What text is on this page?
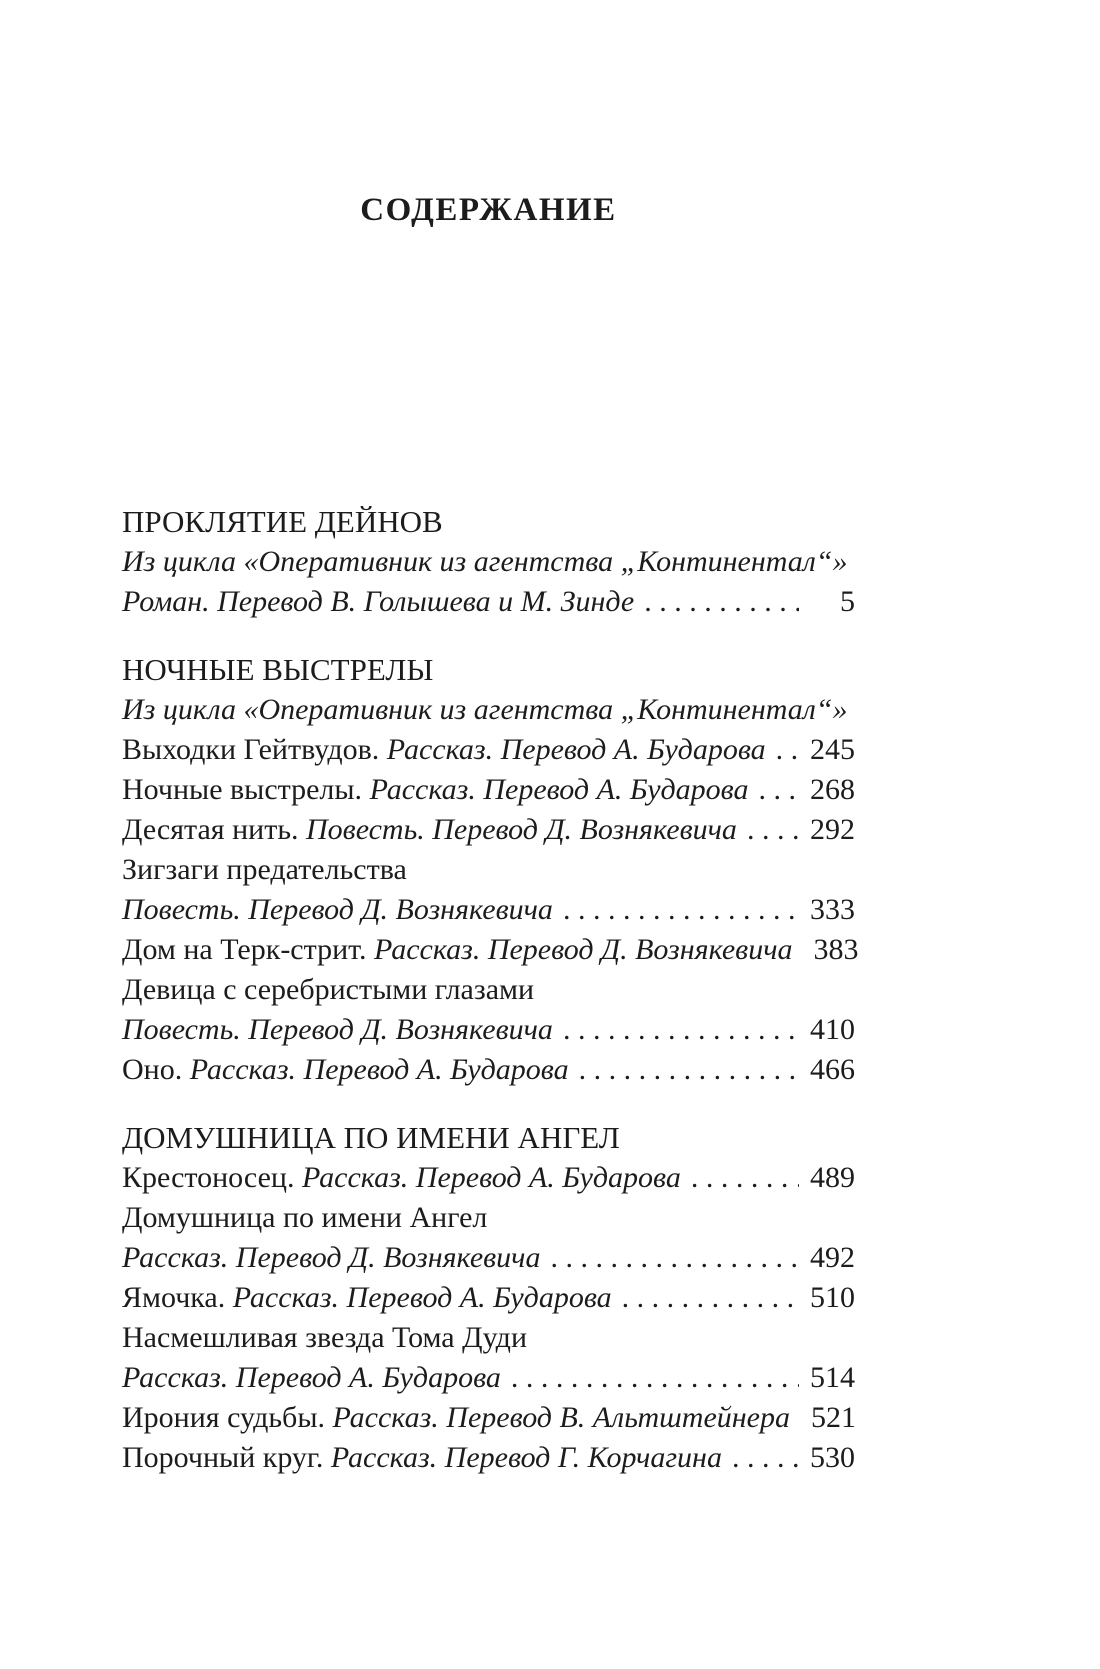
СОДЕРЖАНИЕ
ПРОКЛЯТИЕ ДЕЙНОВ
Из цикла «Оперативник из агентства „Континентал“»
Роман. Перевод В. Голышева и М. Зинде .....	5
НОЧНЫЕ ВЫСТРЕЛЫ
Из цикла «Оперативник из агентства „Континентал“»
Выходки Гейтвудов. Рассказ. Перевод А. Бударова ..... 245
Ночные выстрелы. Рассказ. Перевод А. Бударова ..... 268
Десятая нить. Повесть. Перевод Д. Вознякевича ..... 292
Зигзаги предательства
Повесть. Перевод Д. Вознякевича .....	333
Дом на Терк-стрит. Рассказ. Перевод Д. Вознякевича 383
Девица с серебристыми глазами
Повесть. Перевод Д. Вознякевича .....	410
Оно. Рассказ. Перевод А. Бударова .....	466
ДОМУШНИЦА ПО ИМЕНИ АНГЕЛ
Крестоносец. Рассказ. Перевод А. Бударова .....	489
Домушница по имени Ангел
Рассказ. Перевод Д. Вознякевича .....	492
Ямочка. Рассказ. Перевод А. Бударова .....	510
Насмешливая звезда Тома Дуди
Рассказ. Перевод А. Бударова .....	514
Ирония судьбы. Рассказ. Перевод В. Альтштейнера 521
Порочный круг. Рассказ. Перевод Г. Корчагина .....	530
